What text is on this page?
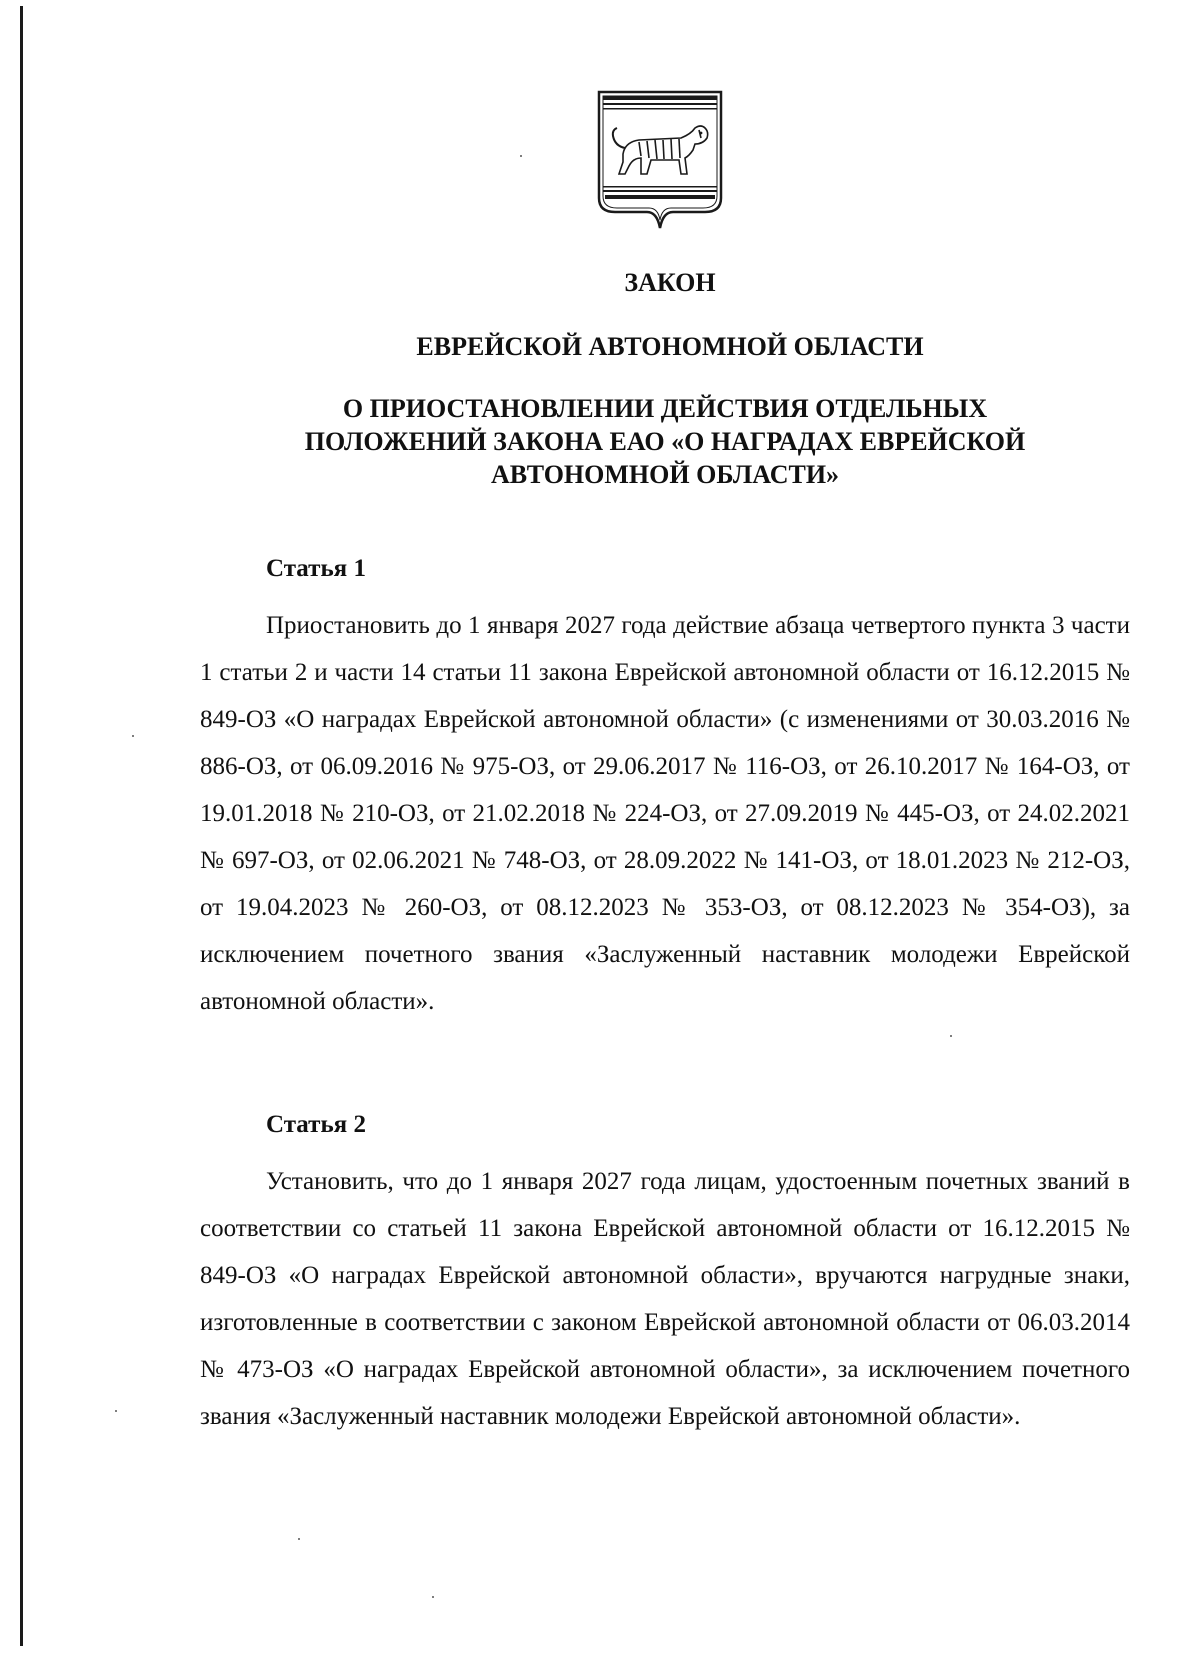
ЗАКОН
ЕВРЕЙСКОЙ АВТОНОМНОЙ ОБЛАСТИ
О ПРИОСТАНОВЛЕНИИ ДЕЙСТВИЯ ОТДЕЛЬНЫХ ПОЛОЖЕНИЙ ЗАКОНА ЕАО «О НАГРАДАХ ЕВРЕЙСКОЙ АВТОНОМНОЙ ОБЛАСТИ»

Статья 1

Приостановить до 1 января 2027 года действие абзаца четвертого пункта 3 части 1 статьи 2 и части 14 статьи 11 закона Еврейской автономной области от 16.12.2015 № 849-ОЗ «О наградах Еврейской автономной области» (с изменениями от 30.03.2016 № 886-ОЗ, от 06.09.2016 № 975-ОЗ, от 29.06.2017 № 116-ОЗ, от 26.10.2017 № 164-ОЗ, от 19.01.2018 № 210-ОЗ, от 21.02.2018 № 224-ОЗ, от 27.09.2019 № 445-ОЗ, от 24.02.2021 № 697-ОЗ, от 02.06.2021 № 748-ОЗ, от 28.09.2022 № 141-ОЗ, от 18.01.2023 № 212-ОЗ, от 19.04.2023 № 260-ОЗ, от 08.12.2023 № 353-ОЗ, от 08.12.2023 № 354-ОЗ), за исключением почетного звания «Заслуженный наставник молодежи Еврейской автономной области».

Статья 2

Установить, что до 1 января 2027 года лицам, удостоенным почетных званий в соответствии со статьей 11 закона Еврейской автономной области от 16.12.2015 № 849-ОЗ «О наградах Еврейской автономной области», вручаются нагрудные знаки, изготовленные в соответствии с законом Еврейской автономной области от 06.03.2014 № 473-ОЗ «О наградах Еврейской автономной области», за исключением почетного звания «Заслуженный наставник молодежи Еврейской автономной области».
